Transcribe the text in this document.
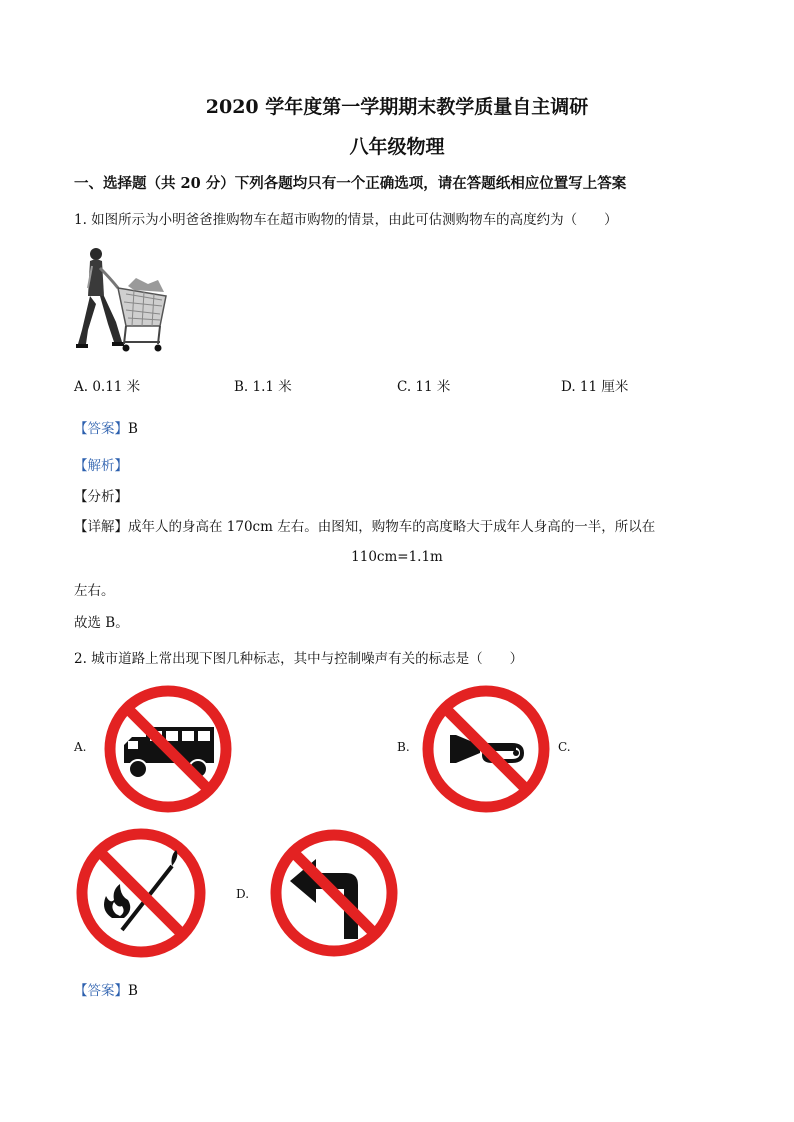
2020 学年度第一学期期末教学质量自主调研
八年级物理
一、选择题（共 20 分）下列各题均只有一个正确选项，请在答题纸相应位置写上答案
1. 如图所示为小明爸爸推购物车在超市购物的情景，由此可估测购物车的高度约为（　　）
A. 0.11 米	B. 1.1 米	C. 11 米	D. 11 厘米
【答案】B
【解析】
【分析】
【详解】成年人的身高在 170cm 左右。由图知，购物车的高度略大于成年人身高的一半，所以在
110cm=1.1m
左右。
故选 B。
2. 城市道路上常出现下图几种标志，其中与控制噪声有关的标志是（　　）
A.	B.	C.
D.
【答案】B
